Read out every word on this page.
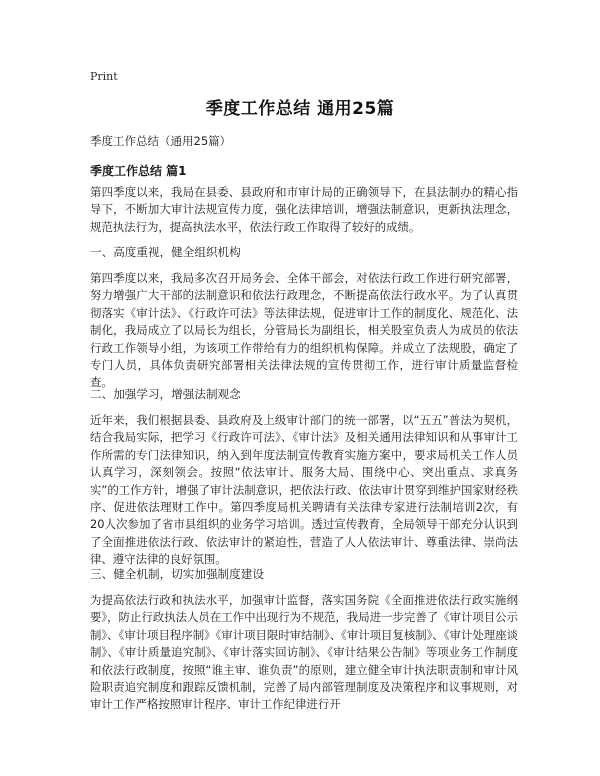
Print
季度工作总结 通用25篇
季度工作总结（通用25篇）
季度工作总结 篇1

第四季度以来，我局在县委、县政府和市审计局的正确领导下，在县法制办的精心指导下，不断加大审计法规宣传力度，强化法律培训，增强法制意识，更新执法理念，规范执法行为，提高执法水平，依法行政工作取得了较好的成绩。

一、高度重视，健全组织机构

第四季度以来，我局多次召开局务会、全体干部会，对依法行政工作进行研究部署，努力增强广大干部的法制意识和依法行政理念，不断提高依法行政水平。为了认真贯彻落实《审计法》、《行政许可法》等法律法规，促进审计工作的制度化、规范化、法制化，我局成立了以局长为组长，分管局长为副组长，相关股室负责人为成员的依法行政工作领导小组，为该项工作带给有力的组织机构保障。并成立了法规股，确定了专门人员，具体负责研究部署相关法律法规的宣传贯彻工作，进行审计质量监督检查。

二、加强学习，增强法制观念

近年来，我们根据县委、县政府及上级审计部门的统一部署，以“五五”普法为契机，结合我局实际，把学习《行政许可法》、《审计法》及相关通用法律知识和从事审计工作所需的专门法律知识，纳入到年度法制宣传教育实施方案中，要求局机关工作人员认真学习，深刻领会。按照“依法审计、服务大局、围绕中心、突出重点、求真务实”的工作方针，增强了审计法制意识，把依法行政、依法审计贯穿到维护国家财经秩序、促进依法理财工作中。第四季度局机关聘请有关法律专家进行法制培训2次，有20人次参加了省市县组织的业务学习培训。透过宣传教育，全局领导干部充分认识到了全面推进依法行政、依法审计的紧迫性，营造了人人依法审计、尊重法律、崇尚法律、遵守法律的良好氛围。

三、健全机制，切实加强制度建设

为提高依法行政和执法水平，加强审计监督，落实国务院《全面推进依法行政实施纲要》，防止行政执法人员在工作中出现行为不规范，我局进一步完善了《审计项目公示制》、《审计项目程序制》《审计项目限时审结制》、《审计项目复核制》、《审计处理座谈制》、《审计质量追究制》、《审计落实回访制》、《审计结果公告制》等项业务工作制度和依法行政制度，按照“谁主审、谁负责”的原则，建立健全审计执法职责制和审计风险职责追究制度和跟踪反馈机制，完善了局内部管理制度及决策程序和议事规则，对审计工作严格按照审计程序、审计工作纪律进行开
